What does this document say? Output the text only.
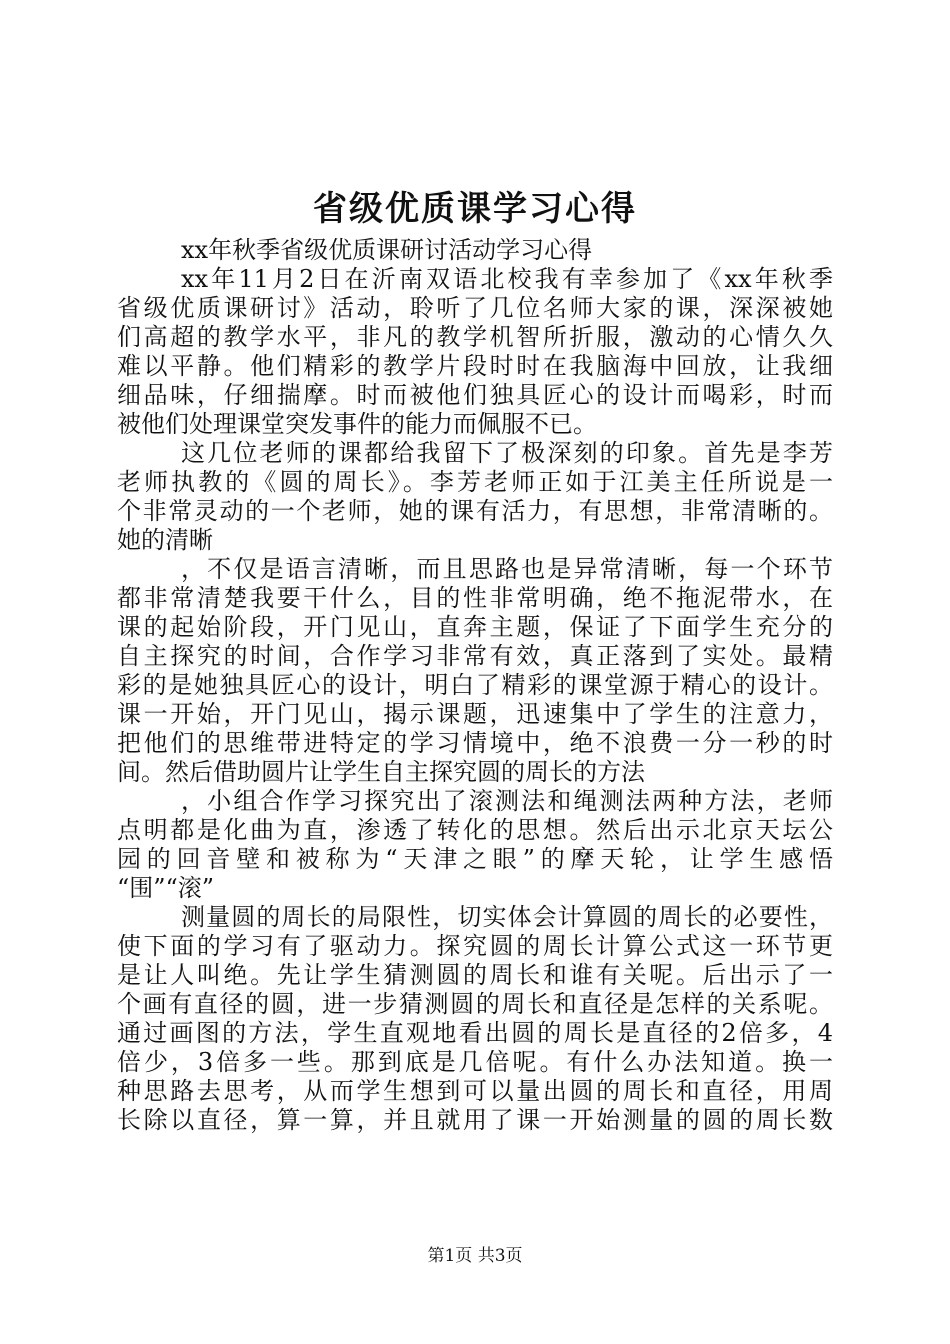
省级优质课学习心得
xx年秋季省级优质课研讨活动学习心得
xx年11月2日在沂南双语北校我有幸参加了《xx年秋季
省级优质课研讨》活动，聆听了几位名师大家的课，深深被她
们高超的教学水平，非凡的教学机智所折服，激动的心情久久
难以平静。他们精彩的教学片段时时在我脑海中回放，让我细
细品味，仔细揣摩。时而被他们独具匠心的设计而喝彩，时而
被他们处理课堂突发事件的能力而佩服不已。
这几位老师的课都给我留下了极深刻的印象。首先是李芳
老师执教的《圆的周长》。李芳老师正如于江美主任所说是一
个非常灵动的一个老师，她的课有活力，有思想，非常清晰的。
她的清晰
，不仅是语言清晰，而且思路也是异常清晰，每一个环节
都非常清楚我要干什么，目的性非常明确，绝不拖泥带水，在
课的起始阶段，开门见山，直奔主题，保证了下面学生充分的
自主探究的时间，合作学习非常有效，真正落到了实处。最精
彩的是她独具匠心的设计，明白了精彩的课堂源于精心的设计。
课一开始，开门见山，揭示课题，迅速集中了学生的注意力，
把他们的思维带进特定的学习情境中，绝不浪费一分一秒的时
间。然后借助圆片让学生自主探究圆的周长的方法
，小组合作学习探究出了滚测法和绳测法两种方法，老师
点明都是化曲为直，渗透了转化的思想。然后出示北京天坛公
园的回音壁和被称为“天津之眼”的摩天轮，让学生感悟
“围”“滚”
测量圆的周长的局限性，切实体会计算圆的周长的必要性，
使下面的学习有了驱动力。探究圆的周长计算公式这一环节更
是让人叫绝。先让学生猜测圆的周长和谁有关呢。后出示了一
个画有直径的圆，进一步猜测圆的周长和直径是怎样的关系呢。
通过画图的方法，学生直观地看出圆的周长是直径的2倍多，4
倍少，3倍多一些。那到底是几倍呢。有什么办法知道。换一
种思路去思考，从而学生想到可以量出圆的周长和直径，用周
长除以直径，算一算，并且就用了课一开始测量的圆的周长数
第1页 共3页
